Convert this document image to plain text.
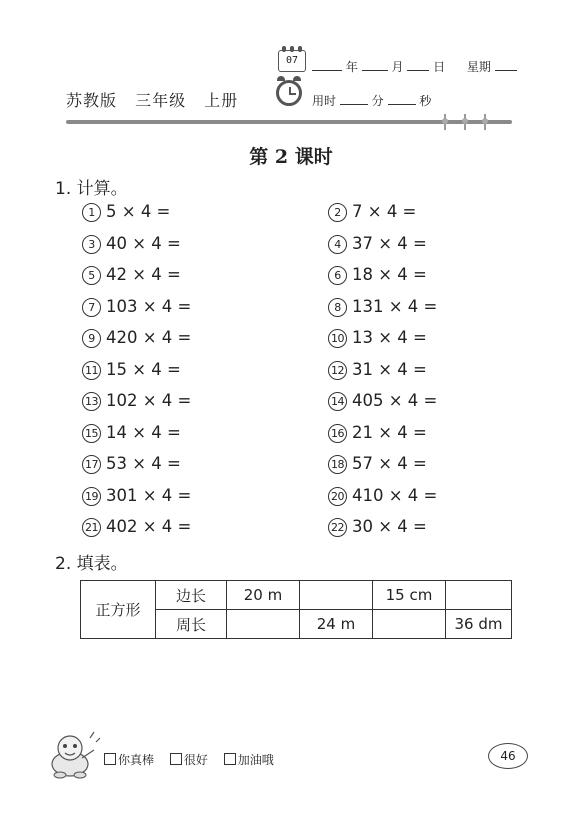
苏教版 三年级 上册
07	年	月 日 星期
用时	分	秒
第 2 课时
1. 计算。
1 5 × 4 =	2 7 × 4 =
3 40 × 4 =	4 37 × 4 =
5 42 × 4 =	6 18 × 4 =
7 103 × 4 =	8 131 × 4 =
9 420 × 4 =	10 13 × 4 =
11 15 × 4 =	12 31 × 4 =
13 102 × 4 =	14 405 × 4 =
15 14 × 4 =	16 21 × 4 =
17 53 × 4 =	18 57 × 4 =
19 301 × 4 =	20 410 × 4 =
21 402 × 4 =	22 30 × 4 =
2. 填表。
正方形	边长	20 m		15 cm	
	周长		24 m		36 dm
你真棒 很好 加油哦	46
